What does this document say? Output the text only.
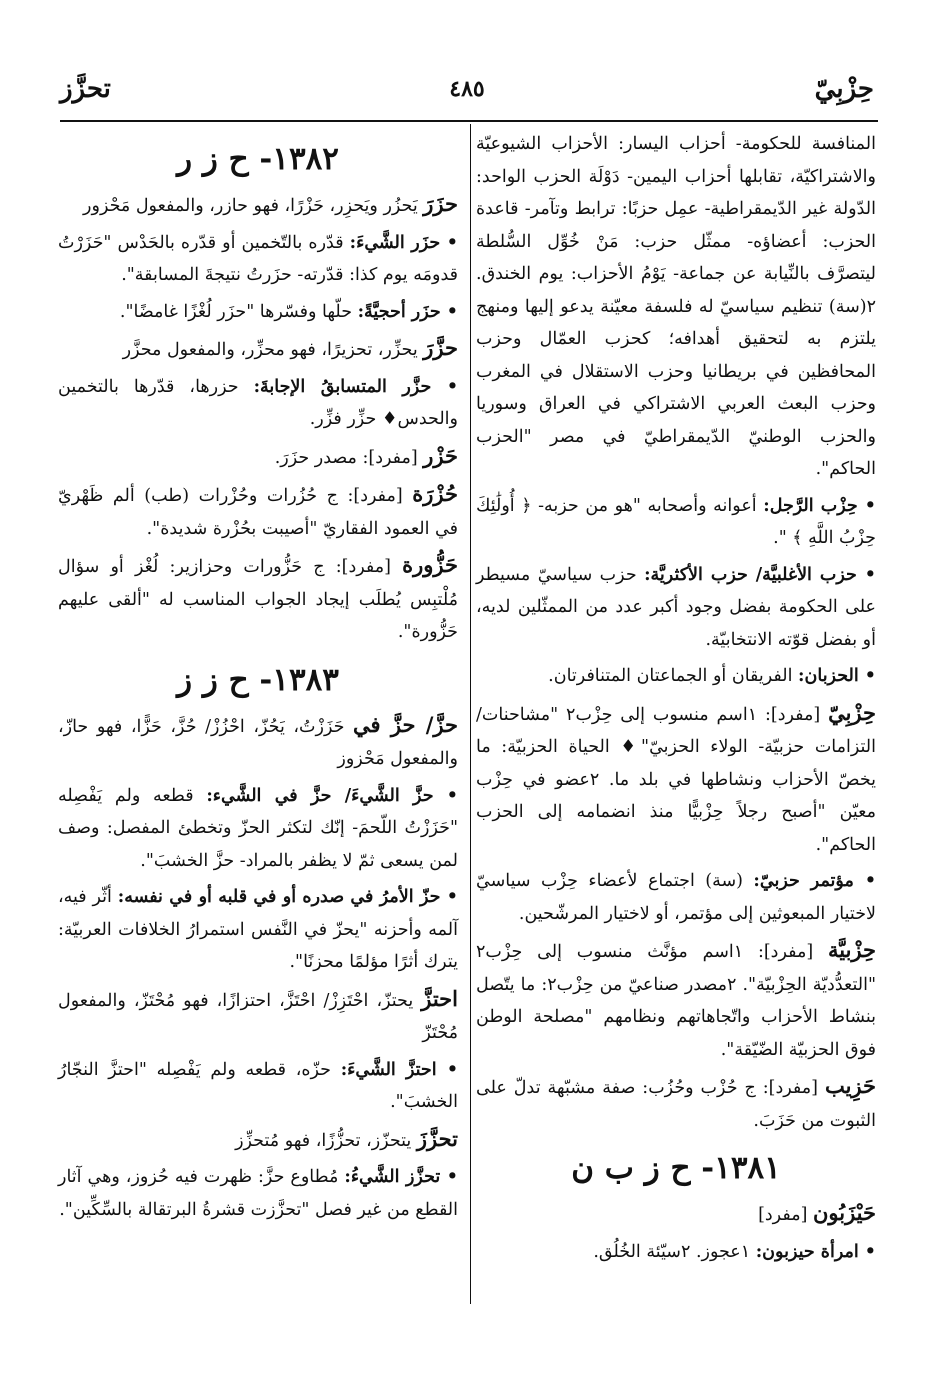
حِزْبِيّ
٤٨٥
تحزَّز

المنافسة للحكومة- أحزاب اليسار: الأحزاب الشيوعيّة والاشتراكيّة، تقابلها أحزاب اليمين- دَوْلَة الحزب الواحد: الدّولة غير الدّيمقراطية- عمِل حزبًا: ترابط وتآمر- قاعدة الحزب: أعضاؤه- ممثّل حزب: مَنْ خُوِّل السُّلطة ليتصرَّف بالنِّيابة عن جماعة- يَوْمُ الأحزاب: يوم الخندق. ٢(سة) تنظيم سياسيّ له فلسفة معيّنة يدعو إليها ومنهج يلتزم به لتحقيق أهدافه؛ كحزب العمّال وحزب المحافظين في بريطانيا وحزب الاستقلال في المغرب وحزب البعث العربي الاشتراكي في العراق وسوريا والحزب الوطنيّ الدّيمقراطيّ في مصر "الحزب الحاكم".

• حِزْب الرَّجل: أعوانه وأصحابه "هو من حزبه- ﴿ أُولَٰئِكَ حِزْبُ اللَّهِ ﴾ ".

• حزب الأغلبيَّة/ حزب الأكثريَّة: حزب سياسيّ مسيطر على الحكومة بفضل وجود أكبر عدد من الممثّلين لديه، أو بفضل قوّته الانتخابيّة.

• الحزبان: الفريقان أو الجماعتان المتنافرتان.

حِزْبِيّ [مفرد]: ١اسم منسوب إلى حِزْب٢ "مشاحنات/ التزامات حزبيّة- الولاء الحزبيّ"♦ الحياة الحزبيّة: ما يخصّ الأحزاب ونشاطها في بلد ما. ٢عضو في حِزْب معيّن "أصبح رجلاً حِزْبيًّا منذ انضمامه إلى الحزب الحاكم".

• مؤتمر حزبيّ: (سة) اجتماع لأعضاء حِزْب سياسيّ لاختيار المبعوثين إلى مؤتمر، أو لاختيار المرشّحين.

حِزْبيَّة [مفرد]: ١اسم مؤنَّث منسوب إلى حِزْب٢ "التعدُّديّة الحِزْبيّة". ٢مصدر صناعيّ من حِزْب٢: ما يتّصل بنشاط الأحزاب واتّجاهاتهم ونظامهم "مصلحة الوطن فوق الحزبيّة الضّيّقة".

حَزِيب [مفرد]: ج حُزْب وحُزُب: صفة مشبّهة تدلّ على الثبوت من حَزَبَ.

١٣٨١- ح ز ب ن

حَيْزَبُون [مفرد]

• امرأة حيزبون: ١عجوز. ٢سيّئة الخُلُق.

١٣٨٢- ح ز ر

حزَرَ يَحزُر ويَحزِر، حَزْرًا، فهو حازر، والمفعول مَحْزور

• حزَر الشَّيءَ: قدّره بالتّخمين أو قدّره بالحَدْس "حَزَرْتُ قدومَه يوم كذا: قدّرته- حزَرتُ نتيجةَ المسابقة".

• حزَر أحجيَّةً: حلّها وفسّرها "حزَر لُغْزًا غامضًا".

حزَّرَ يحزِّر، تحزيرًا، فهو محزِّر، والمفعول محزَّر

• حزَّر المتسابقُ الإجابةَ: حزرها، قدّرها بالتخمين والحدس♦ حزِّر فزِّر.

حَزْر [مفرد]: مصدر حزَرَ.

حُزْرَة [مفرد]: ج حُزُرات وحُزْرات (طب) ألم ظَهْريّ في العمود الفقاريّ "أصيبت بحُزْرة شديدة".

حَزُّورة [مفرد]: ج حَزُّورات وحزازير: لُغْز أو سؤال مُلْتبِس يُطلَب إيجاد الجواب المناسب له "ألقى عليهم حَزُّورة".

١٣٨٣- ح ز ز

حزَّ/ حزَّ في حَزَزْتُ، يَحُزّ، احْزُزْ/ حُزَّ، حَزًّا، فهو حازّ، والمفعول مَحْزوز

• حزَّ الشَّيءَ/ حزَّ في الشَّيء: قطعه ولم يَفْصِله "حَزَزْتُ اللّحمَ- إنّك لتكثر الحزّ وتخطئ المفصل: وصف لمن يسعى ثمّ لا يظفر بالمراد- حزَّ الخشبَ".

• حزّ الأمرُ في صدره أو في قلبه أو في نفسه: أثّر فيه، آلمه وأحزنه "يحزّ في النَّفس استمرارُ الخلافات العربيّة: يترك أثرًا مؤلمًا محزنًا".

احتزَّ يحتزّ، احْتَزِزْ/ احْتَزَّ، احتزازًا، فهو مُحْتَزّ، والمفعول مُحْتَزّ

• احتزَّ الشَّيءَ: حزّه، قطعه ولم يَفْصِله "احتزَّ النجّارُ الخشبَ".

تحزَّزَ يتحزّز، تحزُّزًا، فهو مُتحزِّز

• تحزَّز الشَّيءُ: مُطاوع حزَّ: ظهرت فيه حُزوز، وهي آثار القطع من غير فصل "تحزَّزت قشرةُ البرتقالة بالسِّكِّين".
